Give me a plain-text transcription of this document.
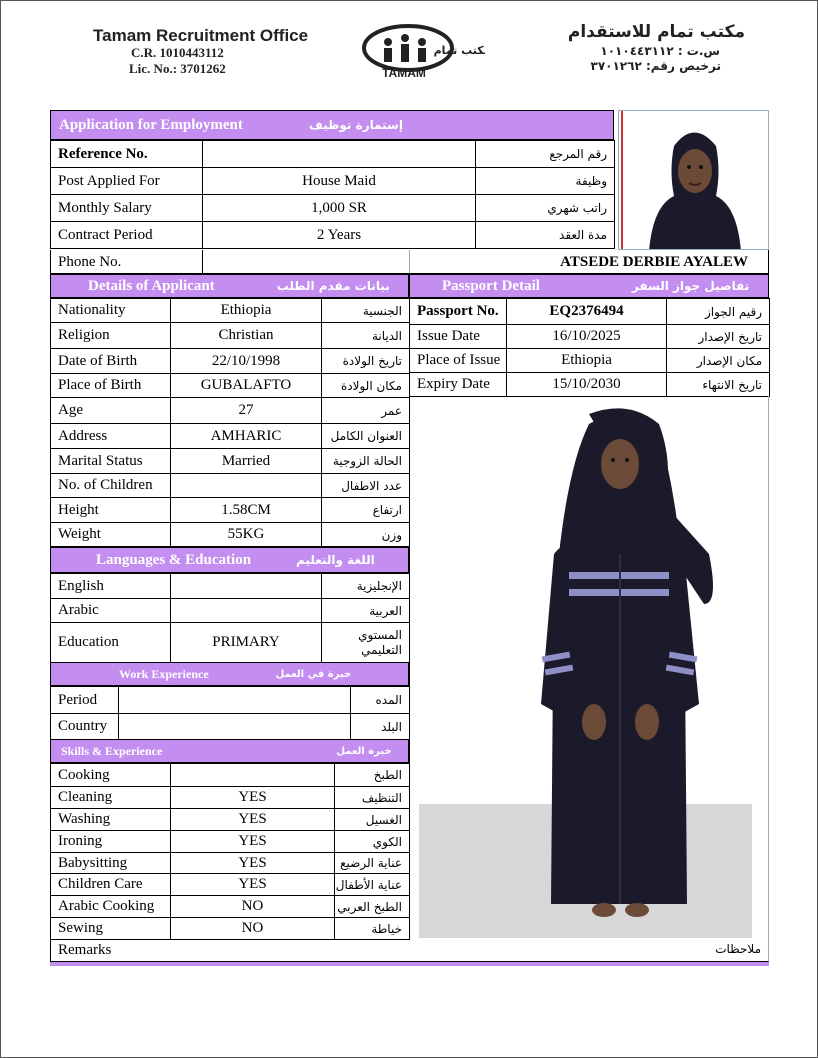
Tamam Recruitment Office
C.R. 1010443112
Lic. No.: 3701262
مكتب تمام
TAMAM
مكتب تمام للاستقدام
س.ت : ١٠١٠٤٤٣١١٢
ترخيص رقم: ٣٧٠١٢٦٢
Application for Employment	إستمارة توظيف
Reference No.		رقم المرجع
Post Applied For	House Maid	وظيفة
Monthly Salary	1,000 SR	راتب شهري
Contract Period	2 Years	مدة العقد
Phone No.	ATSEDE DERBIE AYALEW
Details of Applicant	بيانات مقدم الطلب
Nationality	Ethiopia	الجنسية
Religion	Christian	الديانة
Date of Birth	22/10/1998	تاريخ الولادة
Place of Birth	GUBALAFTO	مكان الولادة
Age	27	عمر
Address	AMHARIC	العنوان الكامل
Marital Status	Married	الحالة الزوجية
No. of Children		عدد الاطفال
Height	1.58CM	ارتفاع
Weight	55KG	وزن
Passport Detail	تفاصيل جواز السفر
Passport No.	EQ2376494	رقيم الجواز
Issue Date	16/10/2025	تاريخ الإصدار
Place of Issue	Ethiopia	مكان الإصدار
Expiry Date	15/10/2030	تاريخ الانتهاء
Languages & Education	اللغة والتعليم
English		الإنجليزية
Arabic		العربية
Education	PRIMARY	المستوي التعليمي
Work Experience	خبرة في العمل
Period		المده
Country		البلد
Skills & Experience	خبرة العمل
Cooking		الطبخ
Cleaning	YES	التنظيف
Washing	YES	الغسيل
Ironing	YES	الكوي
Babysitting	YES	عناية الرضيع
Children Care	YES	عناية الأطفال
Arabic Cooking	NO	الطبخ العربي
Sewing	NO	خياطة
Remarks	ملاحظات
